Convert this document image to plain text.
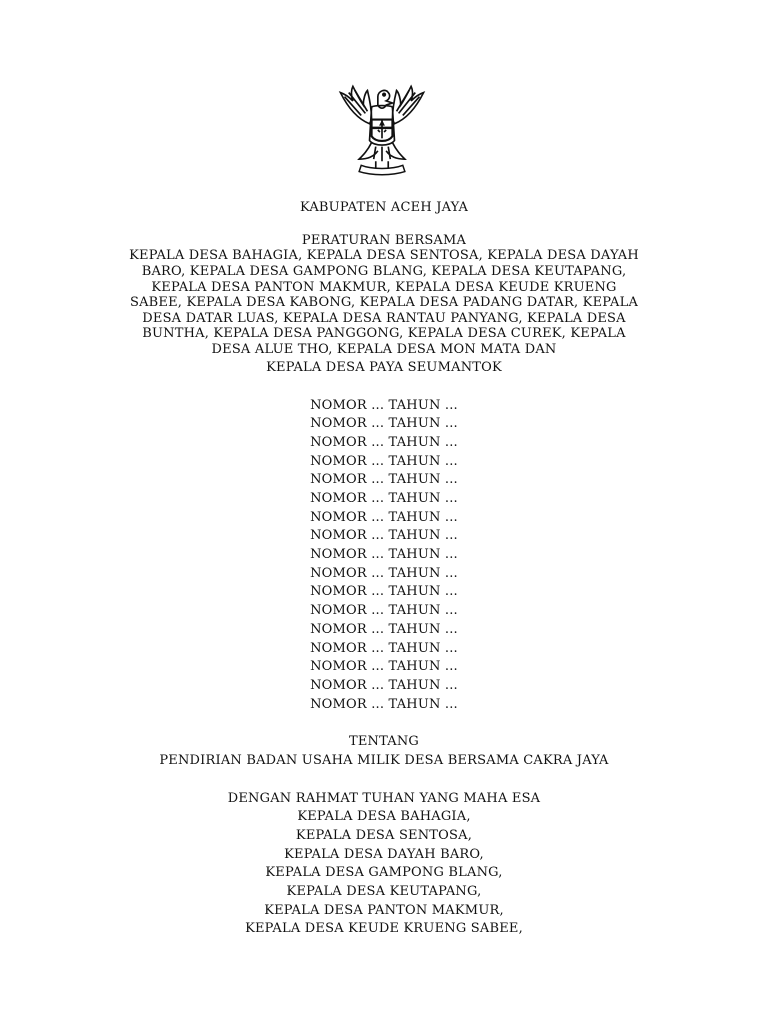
KABUPATEN ACEH JAYA
PERATURAN BERSAMA
KEPALA DESA BAHAGIA, KEPALA DESA SENTOSA, KEPALA DESA DAYAH
BARO, KEPALA DESA GAMPONG BLANG, KEPALA DESA KEUTAPANG,
KEPALA DESA PANTON MAKMUR, KEPALA DESA KEUDE KRUENG
SABEE, KEPALA DESA KABONG, KEPALA DESA PADANG DATAR, KEPALA
DESA DATAR LUAS, KEPALA DESA RANTAU PANYANG, KEPALA DESA
BUNTHA, KEPALA DESA PANGGONG, KEPALA DESA CUREK, KEPALA
DESA ALUE THO, KEPALA DESA MON MATA DAN
KEPALA DESA PAYA SEUMANTOK
NOMOR ... TAHUN ...
NOMOR ... TAHUN ...
NOMOR ... TAHUN ...
NOMOR ... TAHUN ...
NOMOR ... TAHUN ...
NOMOR ... TAHUN ...
NOMOR ... TAHUN ...
NOMOR ... TAHUN ...
NOMOR ... TAHUN ...
NOMOR ... TAHUN ...
NOMOR ... TAHUN ...
NOMOR ... TAHUN ...
NOMOR ... TAHUN ...
NOMOR ... TAHUN ...
NOMOR ... TAHUN ...
NOMOR ... TAHUN ...
NOMOR ... TAHUN ...
TENTANG
PENDIRIAN BADAN USAHA MILIK DESA BERSAMA CAKRA JAYA
DENGAN RAHMAT TUHAN YANG MAHA ESA
KEPALA DESA BAHAGIA,
KEPALA DESA SENTOSA,
KEPALA DESA DAYAH BARO,
KEPALA DESA GAMPONG BLANG,
KEPALA DESA KEUTAPANG,
KEPALA DESA PANTON MAKMUR,
KEPALA DESA KEUDE KRUENG SABEE,
